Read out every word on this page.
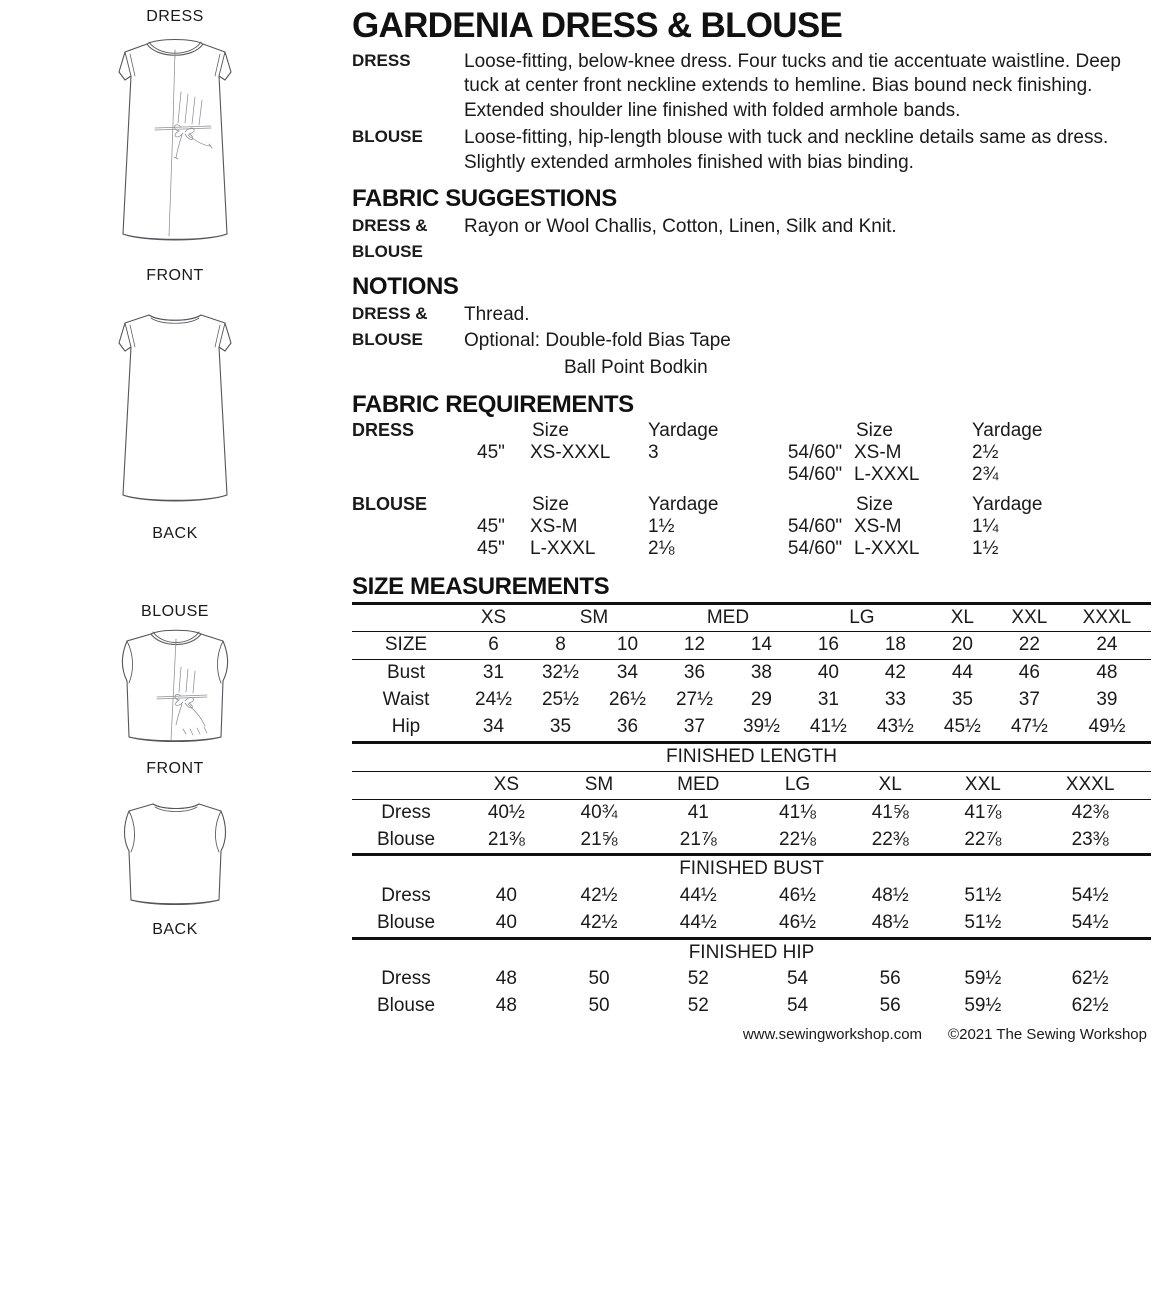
DRESS
FRONT
BACK
BLOUSE
FRONT
BACK
GARDENIA DRESS & BLOUSE
DRESS	Loose-fitting, below-knee dress. Four tucks and tie accentuate waistline. Deep tuck at center front neckline extends to hemline. Bias bound neck finishing. Extended shoulder line finished with folded armhole bands.
BLOUSE	Loose-fitting, hip-length blouse with tuck and neckline details same as dress. Slightly extended armholes finished with bias binding.
FABRIC SUGGESTIONS
DRESS &	Rayon or Wool Challis, Cotton, Linen, Silk and Knit.
BLOUSE	
NOTIONS
DRESS &	Thread.
BLOUSE	Optional: Double-fold Bias Tape

Ball Point Bodkin
FABRIC REQUIREMENTS
DRESS	Size	Yardage	Size	Yardage
45"	XS-XXXL	3	54/60" XS-M	2½
54/60" L-XXXL	2¾
BLOUSE	Size	Yardage	Size	Yardage
45"	XS-M	1½	54/60" XS-M	1¼
45"	L-XXXL	2⅛	54/60" L-XXXL	1½
SIZE MEASUREMENTS
	XS	SM		MED		LG		XL	XXL	XXXL
SIZE	6	8	10	12	14	16	18	20	22	24
Bust	31	32½	34	36	38	40	42	44	46	48
Waist	24½	25½	26½	27½	29	31	33	35	37	39
Hip	34	35	36	37	39½	41½	43½	45½	47½	49½
FINISHED LENGTH							
	XS	SM	MED	LG	XL	XXL	XXXL
Dress	40½	40¾	41	41⅛	41⅝	41⅞	42⅜
Blouse	21⅜	21⅝	21⅞	22⅛	22⅜	22⅞	23⅜
FINISHED BUST							
Dress	40	42½	44½	46½	48½	51½	54½
Blouse	40	42½	44½	46½	48½	51½	54½
FINISHED HIP							
Dress	48	50	52	54	56	59½	62½
Blouse	48	50	52	54	56	59½	62½
www.sewingworkshop.com ©2021 The Sewing Workshop
